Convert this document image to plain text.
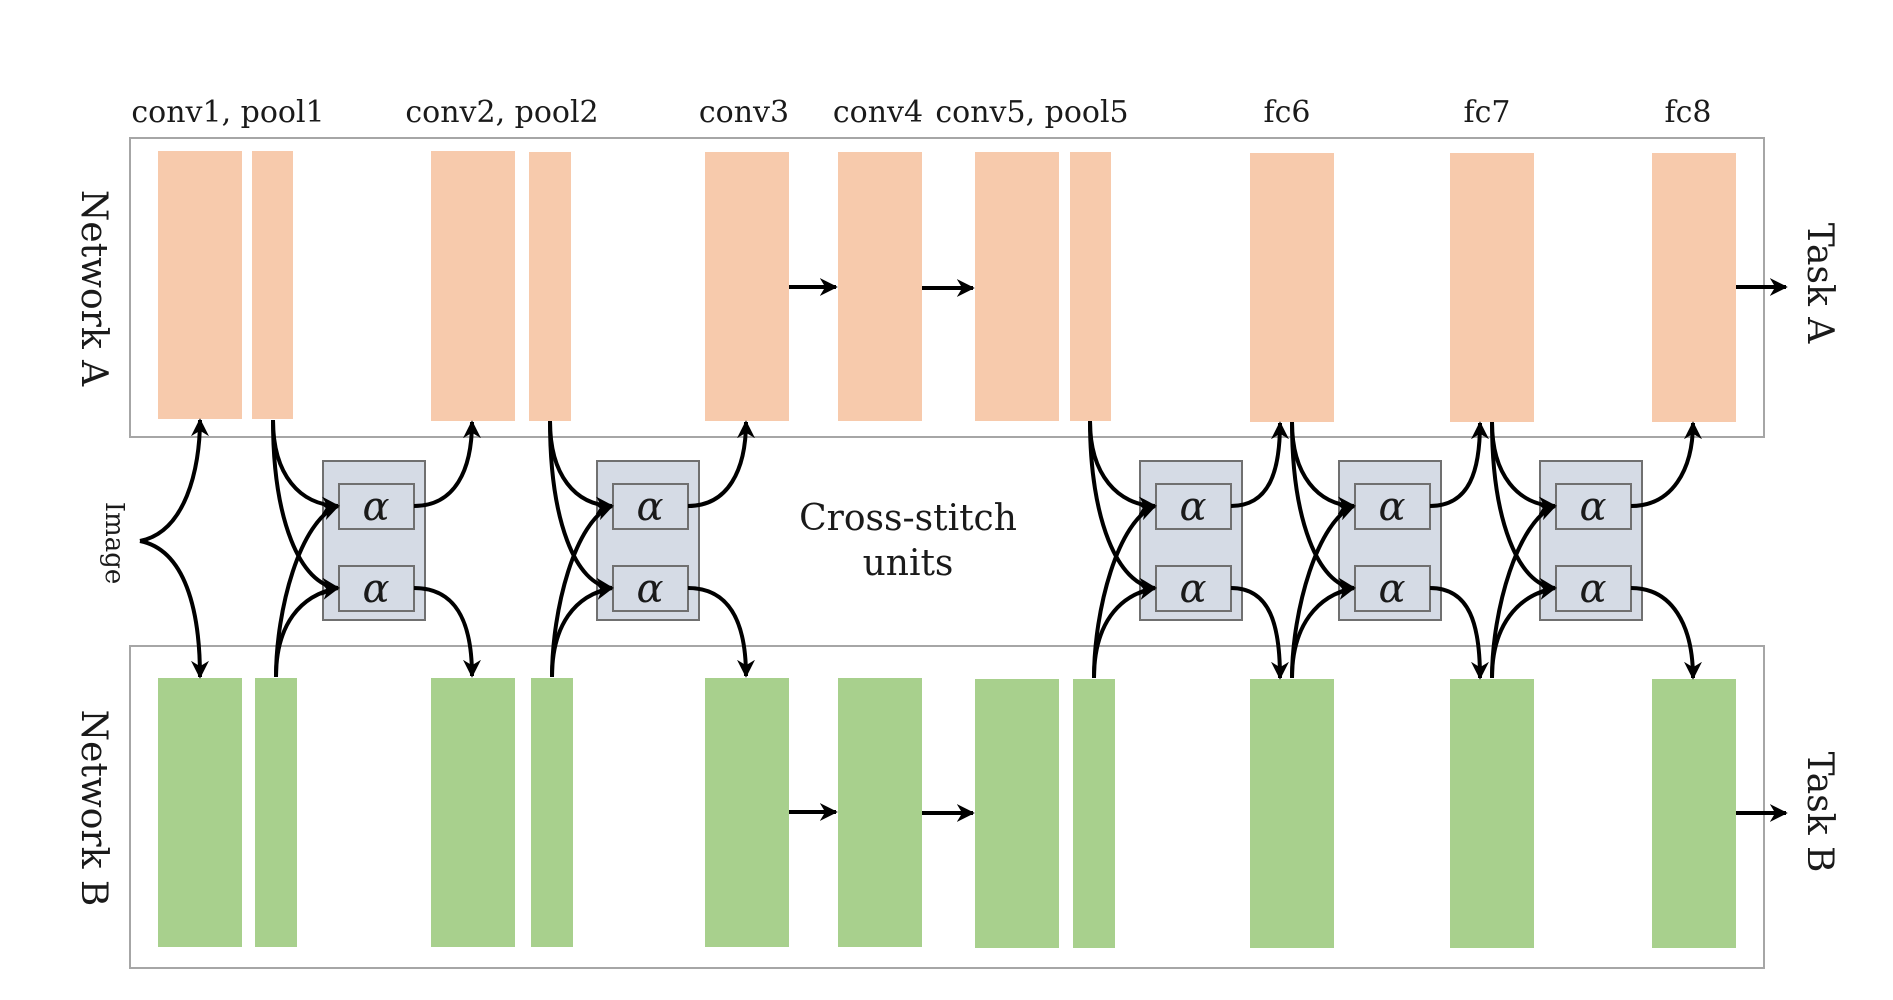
conv1, pool1	conv2, pool2	conv3 conv4 conv5, pool5	fc6	fc7	fc8
Network A
Network B
Task A
Task B
Image	α
α
α
α
α
α
α
α
α
α
Cross-stitch
units
